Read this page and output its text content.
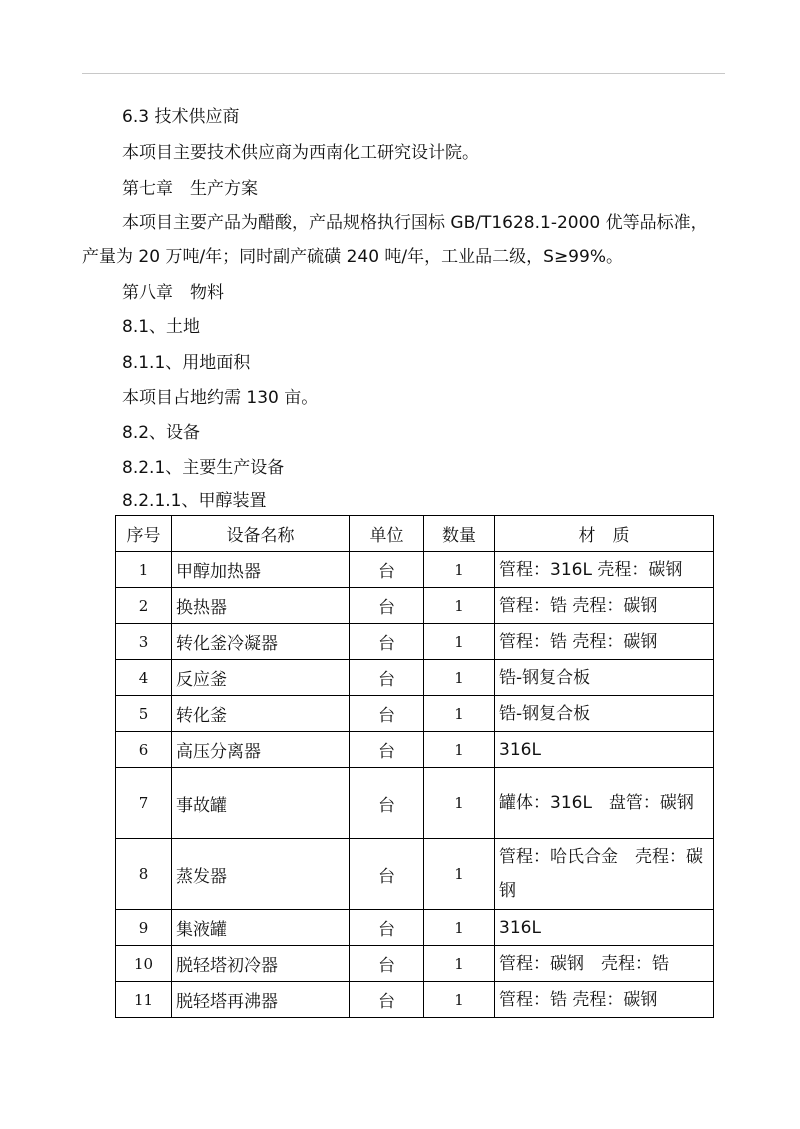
6.3 技术供应商
本项目主要技术供应商为西南化工研究设计院。
第七章　生产方案
本项目主要产品为醋酸，产品规格执行国标 GB/T1628.1-2000 优等品标准，
产量为 20 万吨/年；同时副产硫磺 240 吨/年，工业品二级，S≥99%。
第八章　物料
8.1、土地
8.1.1、用地面积
本项目占地约需 130 亩。
8.2、设备
8.2.1、主要生产设备
8.2.1.1、甲醇装置
序号	设备名称	单位	数量	材　质
1	甲醇加热器	台	1	管程：316L 壳程：碳钢
2	换热器	台	1	管程：锆 壳程：碳钢
3	转化釜冷凝器	台	1	管程：锆 壳程：碳钢
4	反应釜	台	1	锆-钢复合板
5	转化釜	台	1	锆-钢复合板
6	高压分离器	台	1	316L
7	事故罐	台	1	罐体：316L　盘管：碳钢
8	蒸发器	台	1	管程：哈氏合金　壳程：碳钢
9	集液罐	台	1	316L
10	脱轻塔初冷器	台	1	管程：碳钢　壳程：锆
11	脱轻塔再沸器	台	1	管程：锆 壳程：碳钢
